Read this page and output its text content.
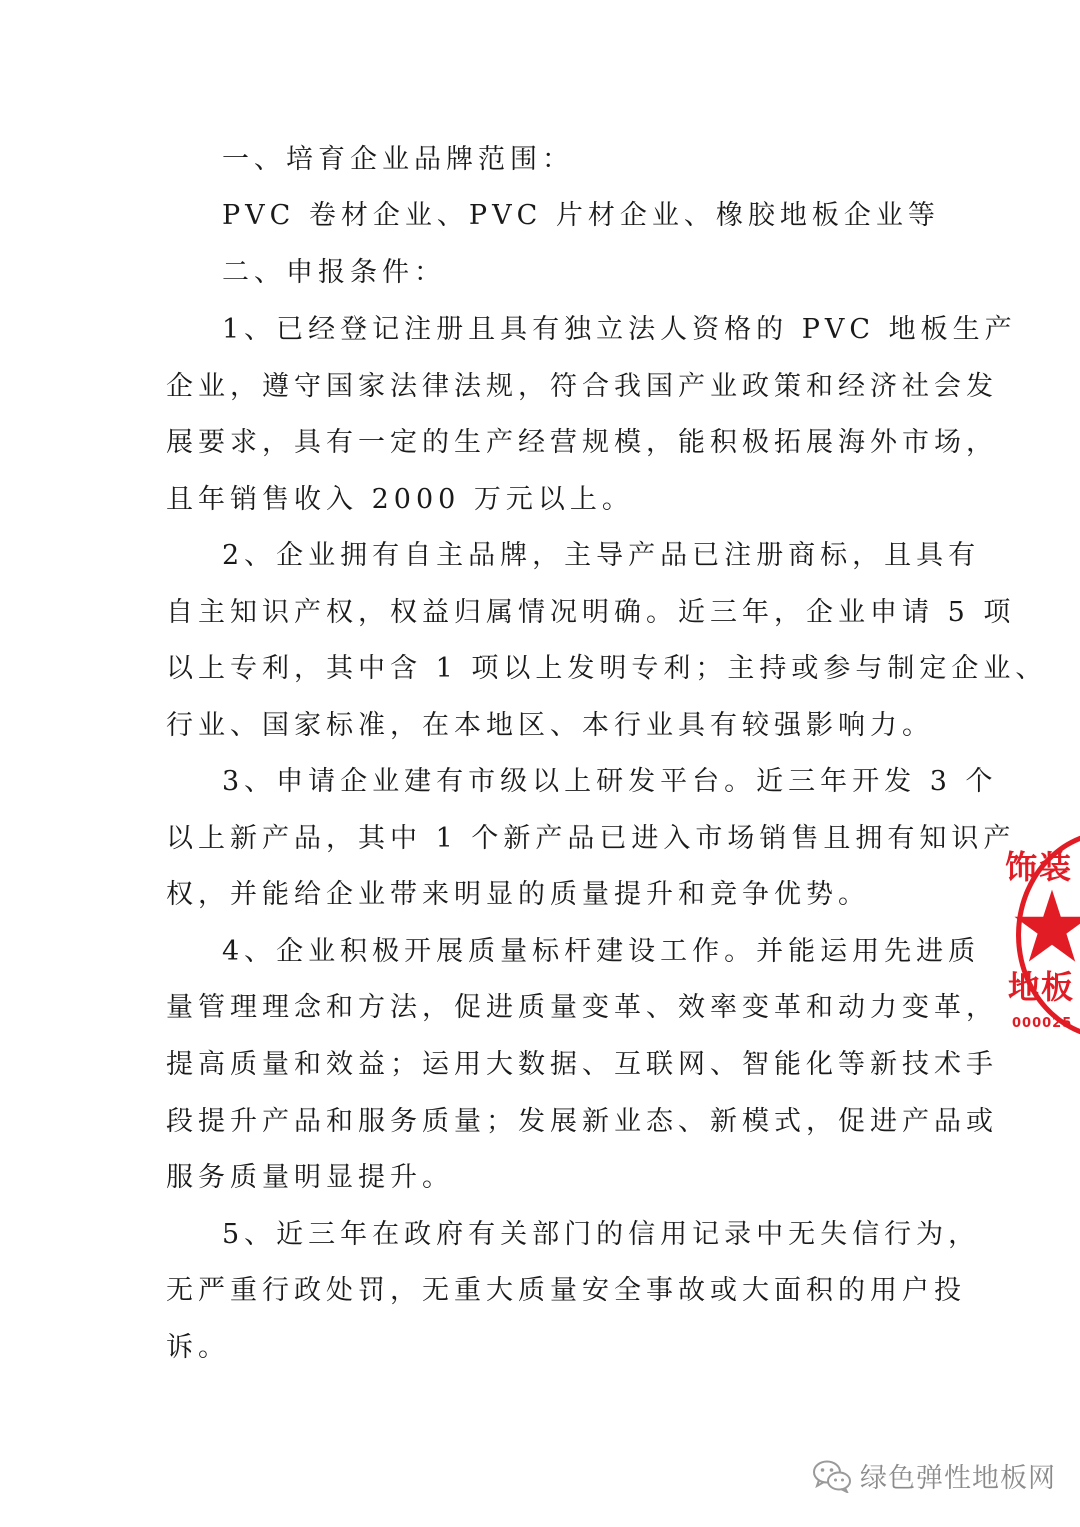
一、培育企业品牌范围：
PVC 卷材企业、PVC 片材企业、橡胶地板企业等
二、申报条件：
1、已经登记注册且具有独立法人资格的 PVC 地板生产
企业，遵守国家法律法规，符合我国产业政策和经济社会发
展要求，具有一定的生产经营规模，能积极拓展海外市场，
且年销售收入 2000 万元以上。
2、企业拥有自主品牌，主导产品已注册商标，且具有
自主知识产权，权益归属情况明确。近三年，企业申请 5 项
以上专利，其中含 1 项以上发明专利；主持或参与制定企业、
行业、国家标准，在本地区、本行业具有较强影响力。
3、申请企业建有市级以上研发平台。近三年开发 3 个
以上新产品，其中 1 个新产品已进入市场销售且拥有知识产
权，并能给企业带来明显的质量提升和竞争优势。
4、企业积极开展质量标杆建设工作。并能运用先进质
量管理理念和方法，促进质量变革、效率变革和动力变革，
提高质量和效益；运用大数据、互联网、智能化等新技术手
段提升产品和服务质量；发展新业态、新模式，促进产品或
服务质量明显提升。
5、近三年在政府有关部门的信用记录中无失信行为，
无严重行政处罚，无重大质量安全事故或大面积的用户投
诉。
饰装
地板
000025
绿色弹性地板网
